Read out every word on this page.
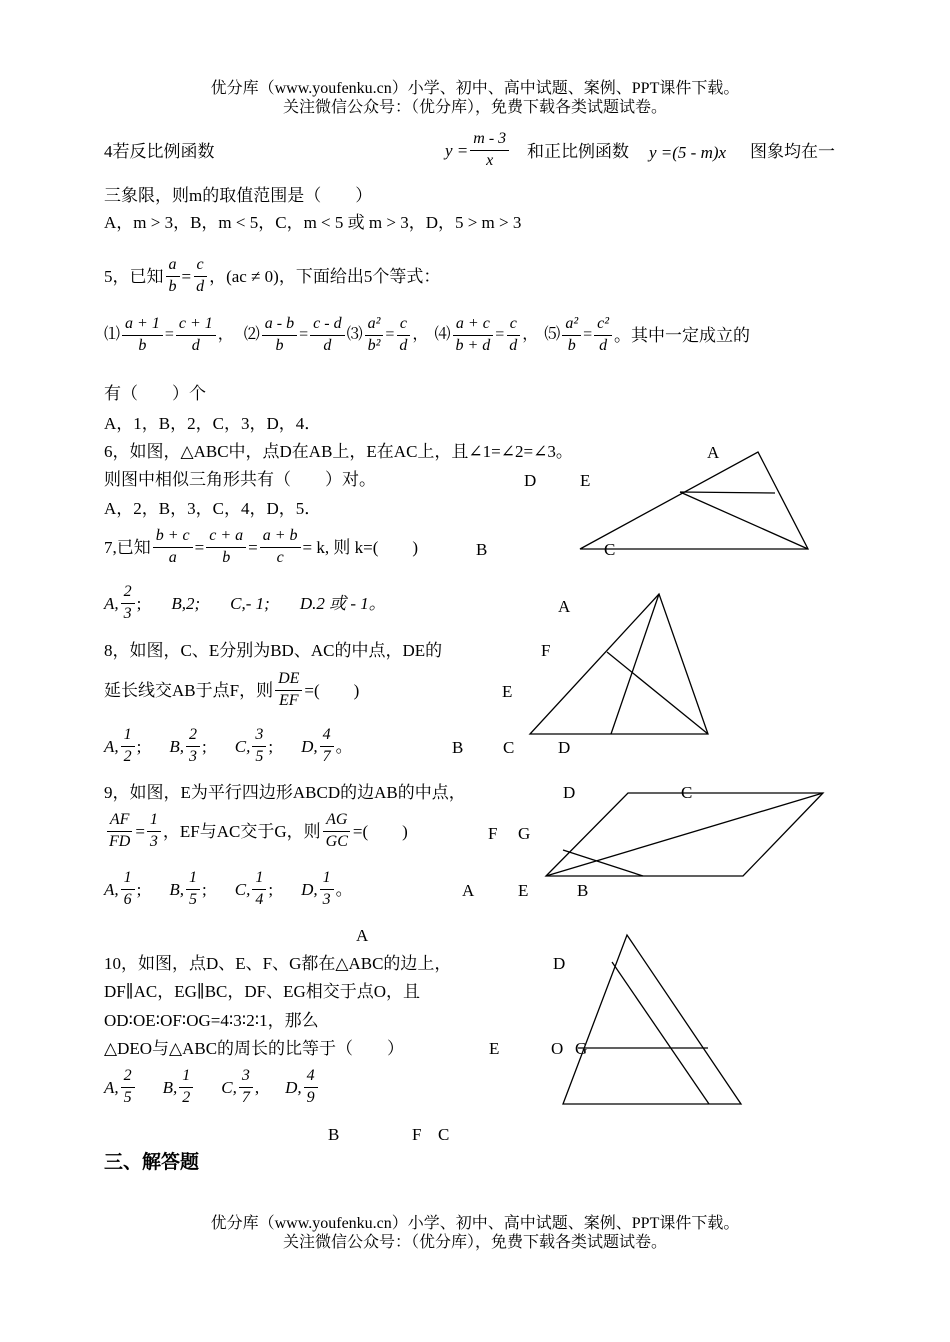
优分库（www.youfenku.cn）小学、初中、高中试题、案例、PPT课件下载。
关注微信公众号：（优分库），免费下载各类试题试卷。
4若反比例函数	$y = \frac{m - 3}{x}$ 和正比例函数 y =(5 - m)x 图象均在一
三象限，则m的取值范围是（　　）
A，m > 3，B，m < 5，C，m < 5 或 m > 3，D，5 > m > 3
5，已知 $\frac{a}{b} = \frac{c}{d}$ ，(ac ≠ 0)，下面给出5个等式：
⑴ $\frac{a + 1}{b} = \frac{c + 1}{d}$ ， ⑵ $\frac{a - b}{b} = \frac{c - d}{d}$ ⑶ $\frac{\text{a²}}{\text{b²}} = \frac{c}{d}$ ， ⑷ $\frac{a + c}{b + d} = \frac{c}{d}$ ， ⑸ $\frac{\text{a²}}{b} = \frac{\text{c²}}{d}$ 。其中一定成立的
有（　　）个
A，1，B，2，C，3，D，4．
6，如图，△ABC中，点D在AB上，E在AC上，且∠1=∠2=∠3。
则图中相似三角形共有（　　）对。
A，2，B，3，C，4，D，5．
A
D	E
B	C
7,已知 $\frac{b + c}{a} = \frac{c + a}{b} = \frac{a + b}{c} = k$, 则 k=(　　)
A, $\frac{2}{3}$ ; B,2; C,- 1; D.2 或 - 1。	A
8，如图，C、E分别为BD、AC的中点，DE的	F
延长线交AB于点F，则 $\frac{DE}{EF}$ =(　　)	E
A, $\frac{1}{2}$ ; B, $\frac{2}{3}$ ; C, $\frac{3}{5}$ ; D, $\frac{4}{7}$ 。	B C	D
9，如图，E为平行四边形ABCD的边AB的中点，	D	C
$\frac{AF}{FD} = \frac{1}{3}$ ，EF与AC交于G，则 $\frac{AG}{GC}$ =(　　)	F G
A, $\frac{1}{6}$ ; B, $\frac{1}{5}$ ; C, $\frac{1}{4}$ ; D, $\frac{1}{3}$ 。	A	E	B
A
10，如图，点D、E、F、G都在△ABC的边上，	D
DF∥AC，EG∥BC，DF、EG相交于点O，且
OD∶OE∶OF∶OG=4∶3∶2∶1，那么
△DEO与△ABC的周长的比等于（　　）	E	O G
A, $\frac{2}{5} B$, $\frac{1}{2} C$, $\frac{3}{7}$ , D, $\frac{4}{9}$
B	F C
三、解答题
优分库（www.youfenku.cn）小学、初中、高中试题、案例、PPT课件下载。
关注微信公众号：（优分库），免费下载各类试题试卷。
